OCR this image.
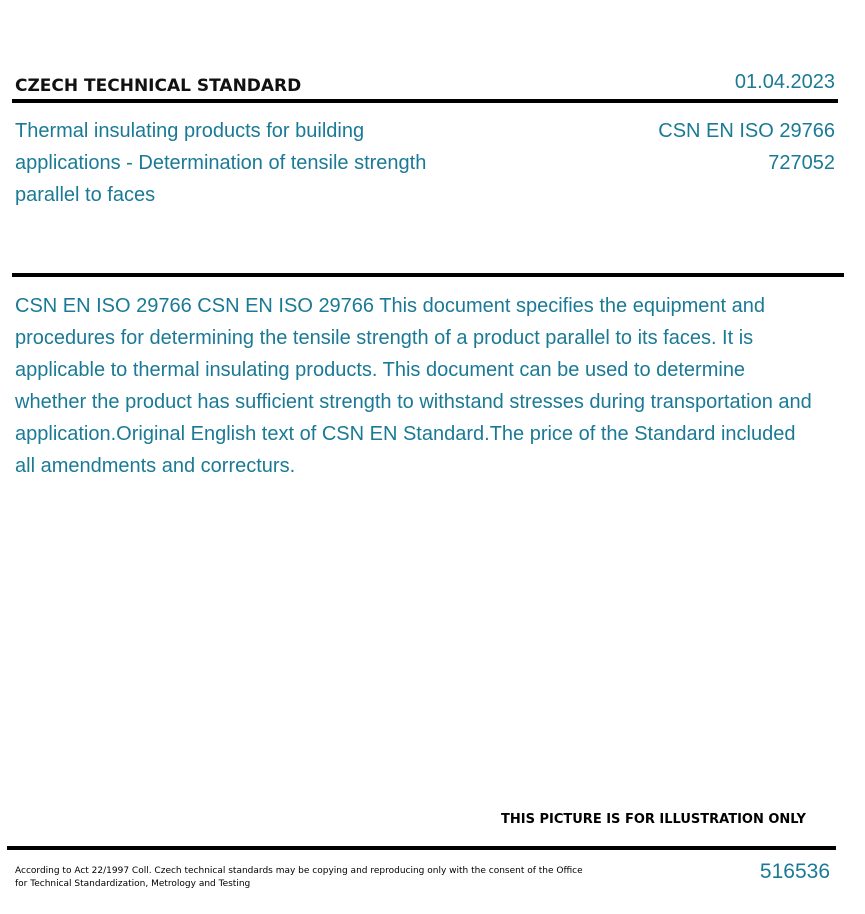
CZECH TECHNICAL STANDARD	01.04.2023
Thermal insulating products for building applications - Determination of tensile strength parallel to faces
CSN EN ISO 29766
727052
CSN EN ISO 29766 CSN EN ISO 29766 This document specifies the equipment and procedures for determining the tensile strength of a product parallel to its faces. It is applicable to thermal insulating products. This document can be used to determine whether the product has sufficient strength to withstand stresses during transportation and application.Original English text of CSN EN Standard.The price of the Standard included all amendments and correcturs.
THIS PICTURE IS FOR ILLUSTRATION ONLY
According to Act 22/1997 Coll. Czech technical standards may be copying and reproducing only with the consent of the Office
for Technical Standardization, Metrology and Testing
516536
